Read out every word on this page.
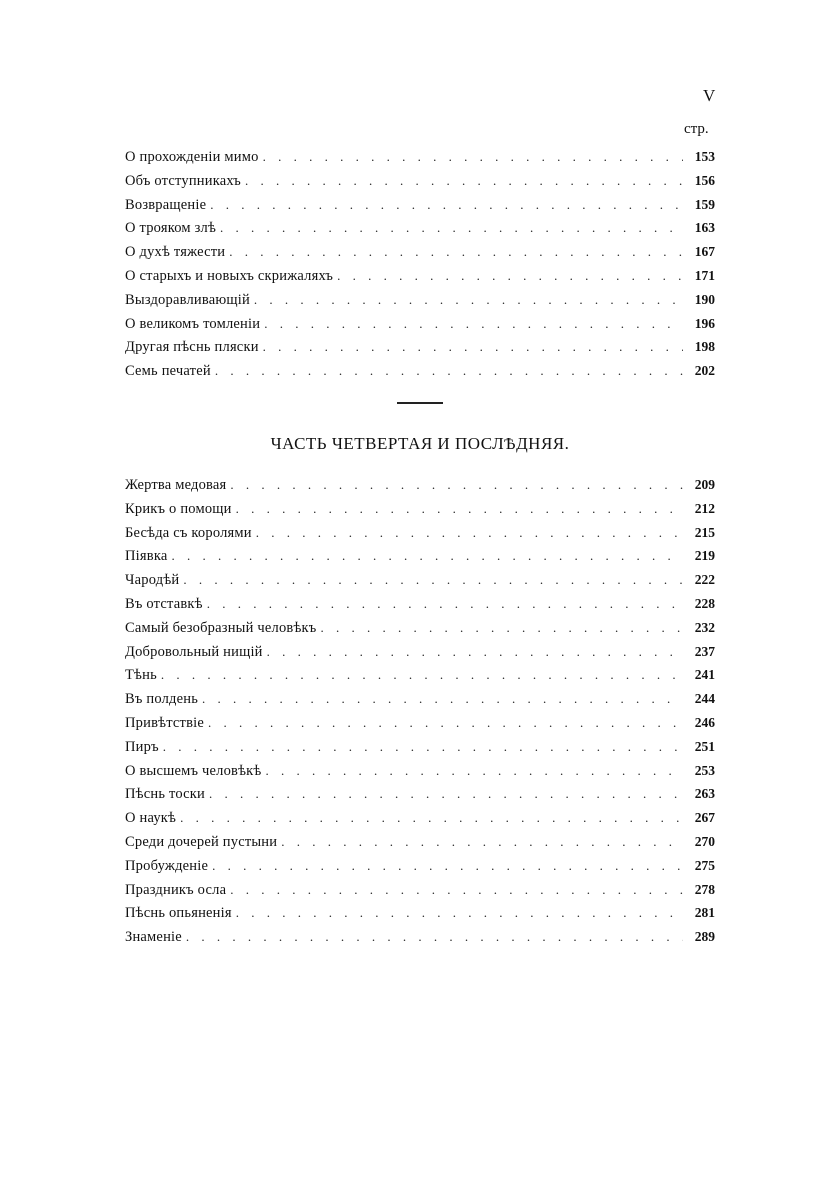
V
стр.
О прохожденіи мимо . . .	153
Объ отступникахъ . . .	156
Возвращеніе . . .	159
О трояком злѣ . . .	163
О духѣ тяжести . . .	167
О старыхъ и новыхъ скрижаляхъ . . .	171
Выздоравливающій . . .	190
О великомъ томленіи . . .	196
Другая пѣснь пляски . . .	198
Семь печатей . . .	202
ЧАСТЬ ЧЕТВЕРТАЯ И ПОСЛѢДНЯЯ.
Жертва медовая . . .	209
Крикъ о помощи . . .	212
Бесѣда съ королями . . .	215
Піявка . . .	219
Чародѣй . . .	222
Въ отставкѣ . . .	228
Самый безобразный человѣкъ . . .	232
Добровольный нищій . . .	237
Тѣнь . . .	241
Въ полдень . . .	244
Привѣтствіе . . .	246
Пиръ . . .	251
О высшемъ человѣкѣ . . .	253
Пѣснь тоски . . .	263
О наукѣ . . .	267
Среди дочерей пустыни . . .	270
Пробужденіе . . .	275
Праздникъ осла . . .	278
Пѣснь опьяненія . . .	281
Знаменіе . . .	289
